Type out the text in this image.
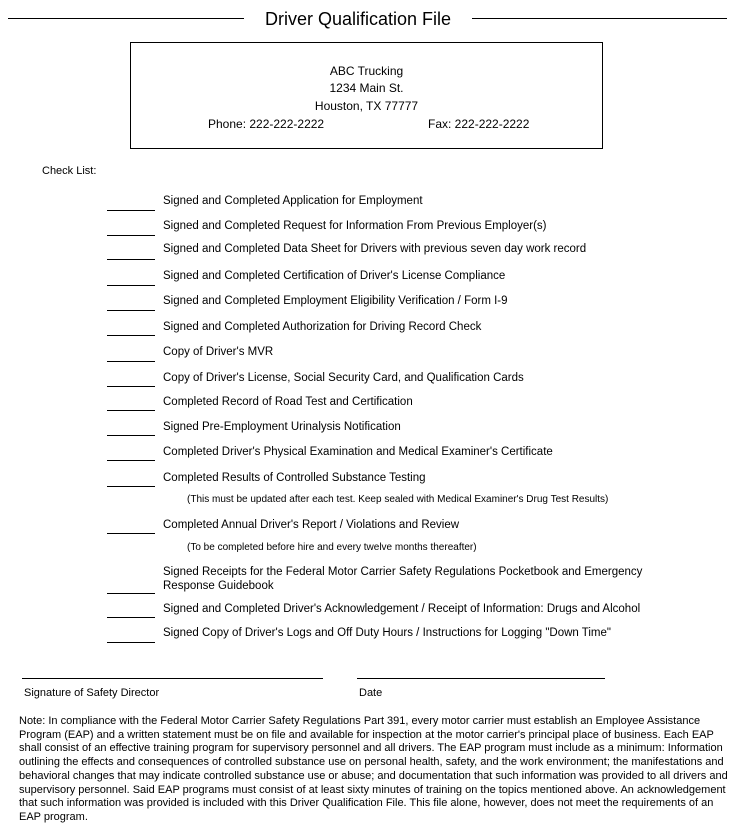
Driver Qualification File
ABC Trucking
1234 Main St.
Houston, TX 77777
Phone: 222-222-2222	Fax: 222-222-2222
Check List:
Signed and Completed Application for Employment
Signed and Completed Request for Information From Previous Employer(s)
Signed and Completed Data Sheet for Drivers with previous seven day work record
Signed and Completed Certification of Driver's License Compliance
Signed and Completed Employment Eligibility Verification / Form I-9
Signed and Completed Authorization for Driving Record Check
Copy of Driver's MVR
Copy of Driver's License, Social Security Card, and Qualification Cards
Completed Record of Road Test and Certification
Signed Pre-Employment Urinalysis Notification
Completed Driver's Physical Examination and Medical Examiner's Certificate
Completed Results of Controlled Substance Testing
(This must be updated after each test. Keep sealed with Medical Examiner's Drug Test Results)
Completed Annual Driver's Report / Violations and Review
(To be completed before hire and every twelve months thereafter)
Signed Receipts for the Federal Motor Carrier Safety Regulations Pocketbook and Emergency Response Guidebook
Signed and Completed Driver's Acknowledgement / Receipt of Information: Drugs and Alcohol
Signed Copy of Driver's Logs and Off Duty Hours / Instructions for Logging "Down Time"
Signature of Safety Director	Date
Note: In compliance with the Federal Motor Carrier Safety Regulations Part 391, every motor carrier must establish an Employee Assistance Program (EAP) and a written statement must be on file and available for inspection at the motor carrier's principal place of business. Each EAP shall consist of an effective training program for supervisory personnel and all drivers. The EAP program must include as a minimum: Information outlining the effects and consequences of controlled substance use on personal health, safety, and the work environment; the manifestations and behavioral changes that may indicate controlled substance use or abuse; and documentation that such information was provided to all drivers and supervisory personnel. Said EAP programs must consist of at least sixty minutes of training on the topics mentioned above. An acknowledgement that such information was provided is included with this Driver Qualification File. This file alone, however, does not meet the requirements of an EAP program.
